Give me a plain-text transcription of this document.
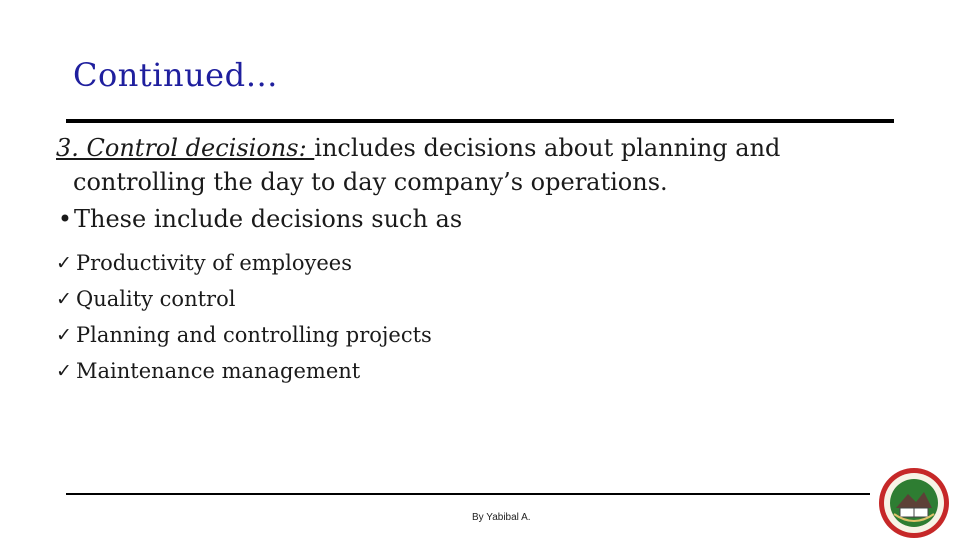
Continued…

3. Control decisions: includes decisions about planning and
controlling the day to day company’s operations.

•These include decisions such as

✓ Productivity of employees
✓ Quality control
✓ Planning and controlling projects
✓ Maintenance management
By Yabibal A.
